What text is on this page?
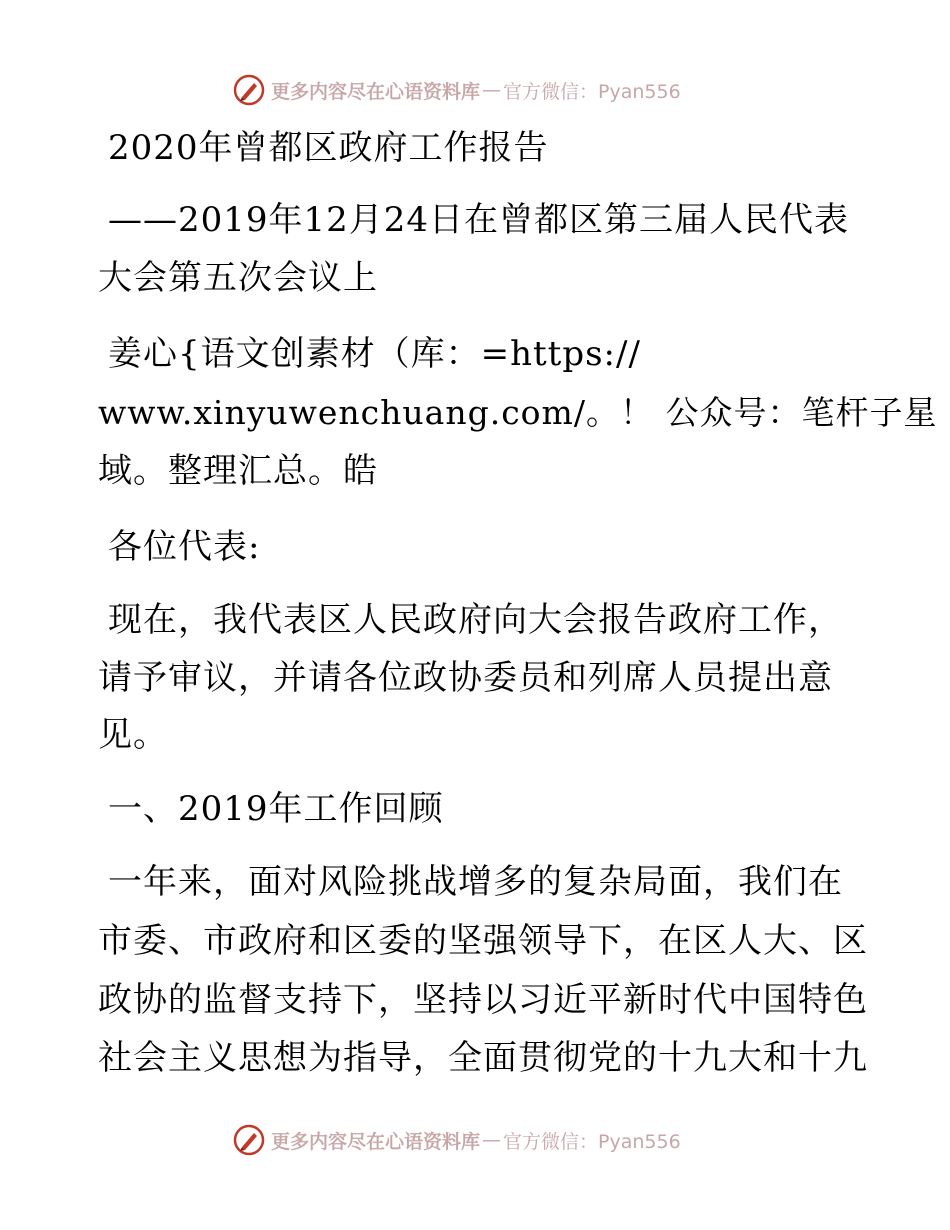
更多内容尽在心语资料库 — 官方微信：Pyan556
2020年曾都区政府工作报告
——2019年12月24日在曾都区第三届人民代表
大会第五次会议上
姜心{语文创素材（库：=https://
www.xinyuwenchuang.com/。！ 公众号：笔杆子星
域。整理汇总。皓
各位代表:
现在，我代表区人民政府向大会报告政府工作，
请予审议，并请各位政协委员和列席人员提出意
见。
一、2019年工作回顾
一年来，面对风险挑战增多的复杂局面，我们在
市委、市政府和区委的坚强领导下，在区人大、区
政协的监督支持下，坚持以习近平新时代中国特色
社会主义思想为指导，全面贯彻党的十九大和十九
更多内容尽在心语资料库 — 官方微信：Pyan556
